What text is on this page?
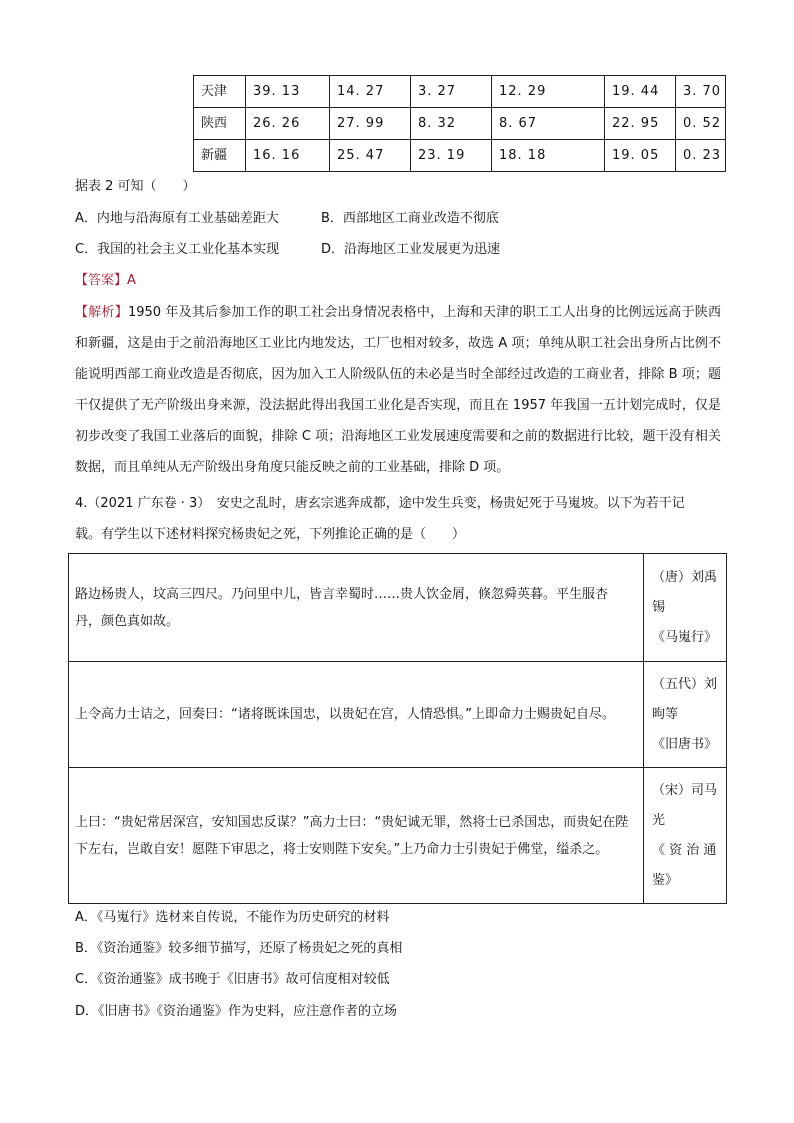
天津	39. 13	14. 27	3. 27	12. 29	19. 44	3. 70
陕西	26. 26	27. 99	8. 32	8. 67	22. 95	0. 52
新疆	16. 16	25. 47	23. 19	18. 18	19. 05	0. 23
据表 2 可知（　　）
A．内地与沿海原有工业基础差距大	B．西部地区工商业改造不彻底
C．我国的社会主义工业化基本实现	D．沿海地区工业发展更为迅速
【答案】A
【解析】1950 年及其后参加工作的职工社会出身情况表格中，上海和天津的职工工人出身的比例远远高于陕西和新疆，这是由于之前沿海地区工业比内地发达，工厂也相对较多，故选 A 项；单纯从职工社会出身所占比例不能说明西部工商业改造是否彻底，因为加入工人阶级队伍的未必是当时全部经过改造的工商业者，排除 B 项；题干仅提供了无产阶级出身来源，没法据此得出我国工业化是否实现，而且在 1957 年我国一五计划完成时，仅是初步改变了我国工业落后的面貌，排除 C 项；沿海地区工业发展速度需要和之前的数据进行比较，题干没有相关数据，而且单纯从无产阶级出身角度只能反映之前的工业基础，排除 D 项。
4.（2021 广东卷 · 3）　安史之乱时，唐玄宗逃奔成都，途中发生兵变，杨贵妃死于马嵬坡。以下为若干记
载。有学生以下述材料探究杨贵妃之死，下列推论正确的是（　　）
路边杨贵人，坟高三四尺。乃问里中儿，皆言幸蜀时……贵人饮金屑，倏忽舜英暮。平生服杏丹，颜色真如故。	（唐）刘禹
锡
《马嵬行》

上令高力士诘之，回奏曰：“诸将既诛国忠，以贵妃在宫，人情恐惧。”上即命力士赐贵妃自尽。	（五代）刘
昫等
《旧唐书》

上曰：“贵妃常居深宫，安知国忠反谋？”高力士曰：“贵妃诚无罪，然将士已杀国忠，而贵妃在陛下左右，岂敢自安！愿陛下审思之，将士安则陛下安矣。”上乃命力士引贵妃于佛堂，缢杀之。	（宋）司马
光
《 资 治 通
鉴》
A．《马嵬行》选材来自传说，不能作为历史研究的材料
B．《资治通鉴》较多细节描写，还原了杨贵妃之死的真相
C．《资治通鉴》成书晚于《旧唐书》故可信度相对较低
D．《旧唐书》《资治通鉴》作为史料，应注意作者的立场
